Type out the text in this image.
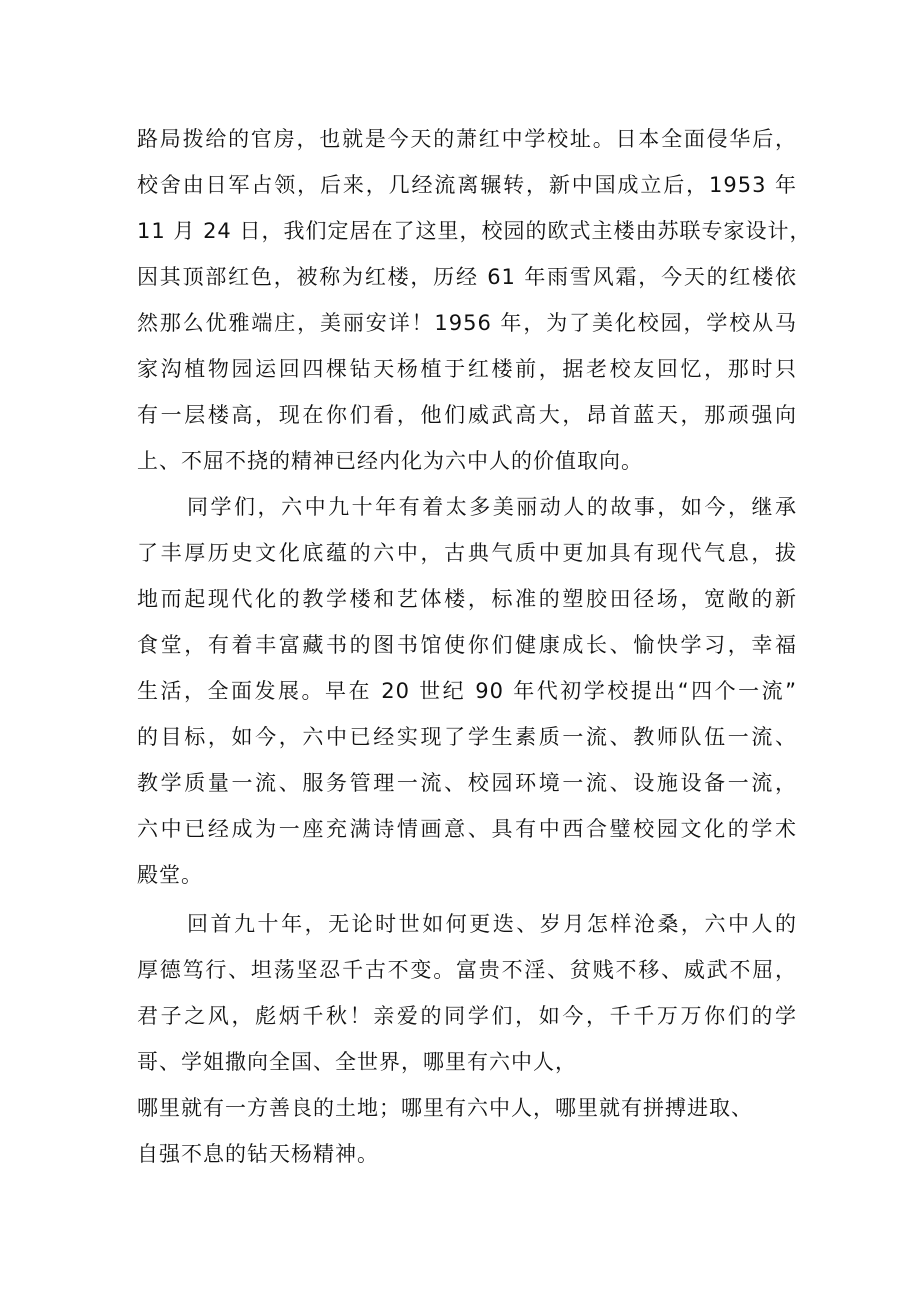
路局拨给的官房，也就是今天的萧红中学校址。日本全面侵华后，
校舍由日军占领，后来，几经流离辗转，新中国成立后，1953 年
11 月 24 日，我们定居在了这里，校园的欧式主楼由苏联专家设计，
因其顶部红色，被称为红楼，历经 61 年雨雪风霜，今天的红楼依
然那么优雅端庄，美丽安详！1956 年，为了美化校园，学校从马
家沟植物园运回四棵钻天杨植于红楼前，据老校友回忆，那时只
有一层楼高，现在你们看，他们威武高大，昂首蓝天，那顽强向
上、不屈不挠的精神已经内化为六中人的价值取向。
同学们，六中九十年有着太多美丽动人的故事，如今，继承
了丰厚历史文化底蕴的六中，古典气质中更加具有现代气息，拔
地而起现代化的教学楼和艺体楼，标准的塑胶田径场，宽敞的新
食堂，有着丰富藏书的图书馆使你们健康成长、愉快学习，幸福
生活，全面发展。早在 20 世纪 90 年代初学校提出“四个一流”
的目标，如今，六中已经实现了学生素质一流、教师队伍一流、
教学质量一流、服务管理一流、校园环境一流、设施设备一流，
六中已经成为一座充满诗情画意、具有中西合璧校园文化的学术
殿堂。
回首九十年，无论时世如何更迭、岁月怎样沧桑，六中人的
厚德笃行、坦荡坚忍千古不变。富贵不淫、贫贱不移、威武不屈，
君子之风，彪炳千秋！亲爱的同学们，如今，千千万万你们的学
哥、学姐撒向全国、全世界，哪里有六中人，
哪里就有一方善良的土地；哪里有六中人，哪里就有拼搏进取、
自强不息的钻天杨精神。
